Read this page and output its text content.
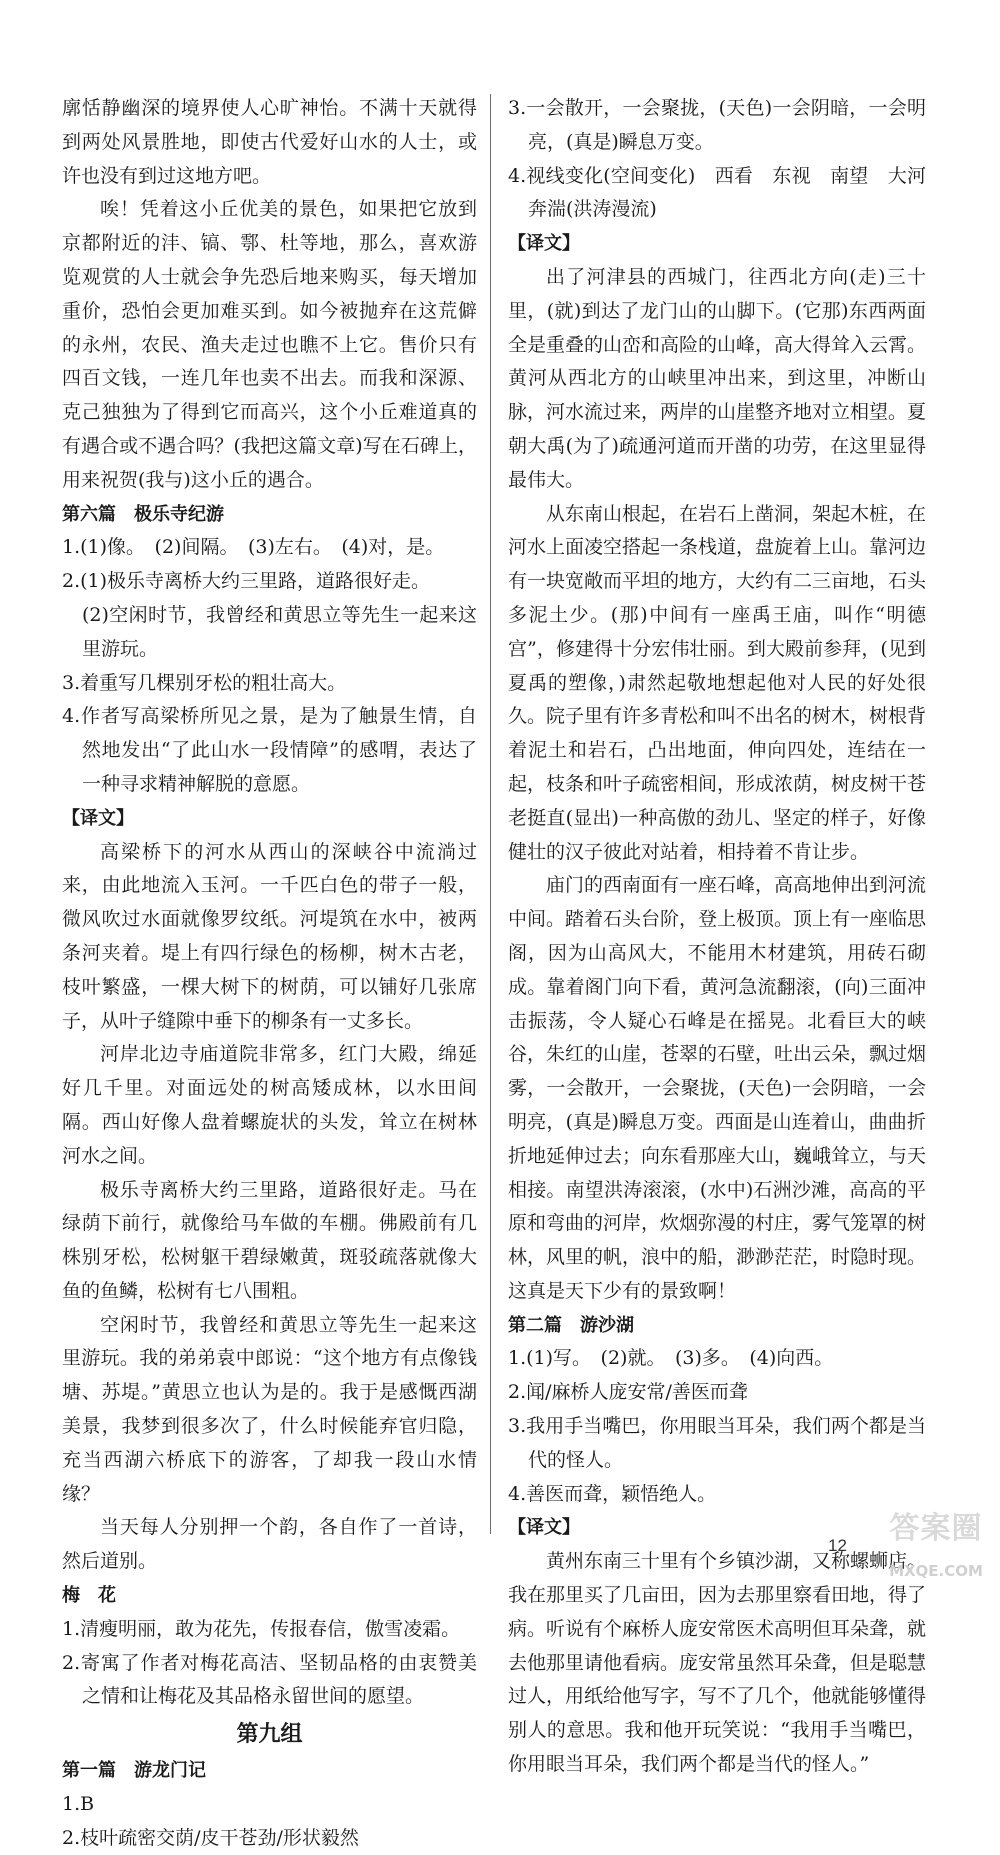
廓恬静幽深的境界使人心旷神怡。不满十天就得到两处风景胜地，即使古代爱好山水的人士，或许也没有到过这地方吧。

唉！凭着这小丘优美的景色，如果把它放到京都附近的沣、镐、鄠、杜等地，那么，喜欢游览观赏的人士就会争先恐后地来购买，每天增加重价，恐怕会更加难买到。如今被抛弃在这荒僻的永州，农民、渔夫走过也瞧不上它。售价只有四百文钱，一连几年也卖不出去。而我和深源、克己独独为了得到它而高兴，这个小丘难道真的有遇合或不遇合吗？(我把这篇文章)写在石碑上，用来祝贺(我与)这小丘的遇合。

第六篇　极乐寺纪游

1.(1)像。　(2)间隔。　(3)左右。　(4)对，是。

2.(1)极乐寺离桥大约三里路，道路很好走。

(2)空闲时节，我曾经和黄思立等先生一起来这里游玩。

3.着重写几棵别牙松的粗壮高大。

4.作者写高梁桥所见之景，是为了触景生情，自然地发出“了此山水一段情障”的感喟，表达了一种寻求精神解脱的意愿。

【译文】

高梁桥下的河水从西山的深峡谷中流淌过来，由此地流入玉河。一千匹白色的带子一般，微风吹过水面就像罗纹纸。河堤筑在水中，被两条河夹着。堤上有四行绿色的杨柳，树木古老，枝叶繁盛，一棵大树下的树荫，可以铺好几张席子，从叶子缝隙中垂下的柳条有一丈多长。

河岸北边寺庙道院非常多，红门大殿，绵延好几千里。对面远处的树高矮成林，以水田间隔。西山好像人盘着螺旋状的头发，耸立在树林河水之间。

极乐寺离桥大约三里路，道路很好走。马在绿荫下前行，就像给马车做的车棚。佛殿前有几株别牙松，松树躯干碧绿嫩黄，斑驳疏落就像大鱼的鱼鳞，松树有七八围粗。

空闲时节，我曾经和黄思立等先生一起来这里游玩。我的弟弟袁中郎说：“这个地方有点像钱塘、苏堤。”黄思立也认为是的。我于是感慨西湖美景，我梦到很多次了，什么时候能弃官归隐，充当西湖六桥底下的游客，了却我一段山水情缘？

当天每人分别押一个韵，各自作了一首诗，然后道别。

梅　花

1.清瘦明丽，敢为花先，传报春信，傲雪凌霜。

2.寄寓了作者对梅花高洁、坚韧品格的由衷赞美之情和让梅花及其品格永留世间的愿望。

第九组

第一篇　游龙门记

1.B

2.枝叶疏密交荫/皮干苍劲/形状毅然

3.一会散开，一会聚拢，(天色)一会阴暗，一会明亮，(真是)瞬息万变。

4.视线变化(空间变化)　西看　东视　南望　大河奔湍(洪涛漫流)

【译文】

出了河津县的西城门，往西北方向(走)三十里，(就)到达了龙门山的山脚下。(它那)东西两面全是重叠的山峦和高险的山峰，高大得耸入云霄。黄河从西北方的山峡里冲出来，到这里，冲断山脉，河水流过来，两岸的山崖整齐地对立相望。夏朝大禹(为了)疏通河道而开凿的功劳，在这里显得最伟大。

从东南山根起，在岩石上凿洞，架起木桩，在河水上面凌空搭起一条栈道，盘旋着上山。靠河边有一块宽敞而平坦的地方，大约有二三亩地，石头多泥土少。(那)中间有一座禹王庙，叫作“明德宫”，修建得十分宏伟壮丽。到大殿前参拜，(见到夏禹的塑像，)肃然起敬地想起他对人民的好处很久。院子里有许多青松和叫不出名的树木，树根背着泥土和岩石，凸出地面，伸向四处，连结在一起，枝条和叶子疏密相间，形成浓荫，树皮树干苍老挺直(显出)一种高傲的劲儿、坚定的样子，好像健壮的汉子彼此对站着，相持着不肯让步。

庙门的西南面有一座石峰，高高地伸出到河流中间。踏着石头台阶，登上极顶。顶上有一座临思阁，因为山高风大，不能用木材建筑，用砖石砌成。靠着阁门向下看，黄河急流翻滚，(向)三面冲击振荡，令人疑心石峰是在摇晃。北看巨大的峡谷，朱红的山崖，苍翠的石壁，吐出云朵，飘过烟雾，一会散开，一会聚拢，(天色)一会阴暗，一会明亮，(真是)瞬息万变。西面是山连着山，曲曲折折地延伸过去；向东看那座大山，巍峨耸立，与天相接。南望洪涛滚滚，(水中)石洲沙滩，高高的平原和弯曲的河岸，炊烟弥漫的村庄，雾气笼罩的树林，风里的帆，浪中的船，渺渺茫茫，时隐时现。这真是天下少有的景致啊！

第二篇　游沙湖

1.(1)写。　(2)就。　(3)多。　(4)向西。

2.闻/麻桥人庞安常/善医而聋

3.我用手当嘴巴，你用眼当耳朵，我们两个都是当代的怪人。

4.善医而聋，颖悟绝人。

【译文】

黄州东南三十里有个乡镇沙湖，又称螺蛳店。我在那里买了几亩田，因为去那里察看田地，得了病。听说有个麻桥人庞安常医术高明但耳朵聋，就去他那里请他看病。庞安常虽然耳朵聋，但是聪慧过人，用纸给他写字，写不了几个，他就能够懂得别人的意思。我和他开玩笑说：“我用手当嘴巴，你用眼当耳朵，我们两个都是当代的怪人。”

12	答案圈
MXQE.COM
